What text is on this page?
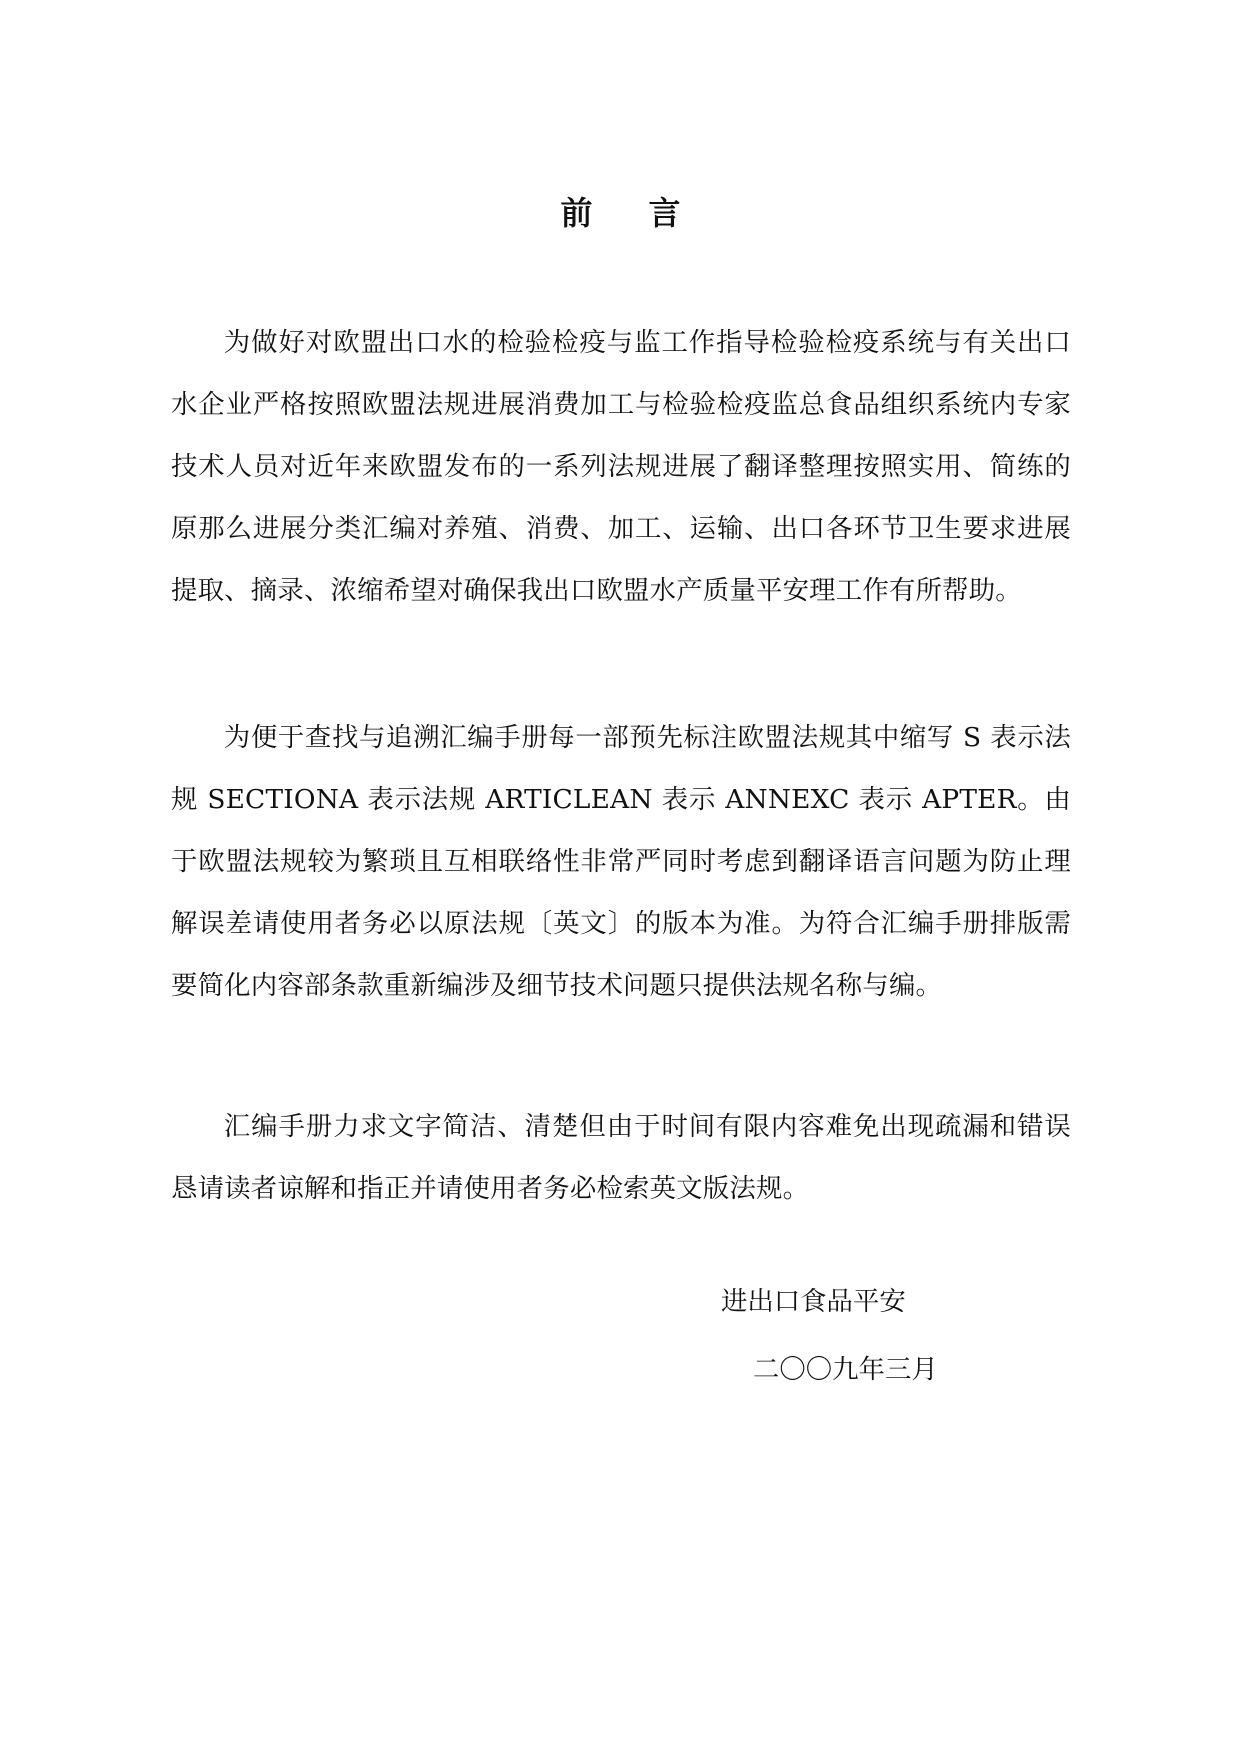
前 言

为做好对欧盟出口水的检验检疫与监工作指导检验检疫系统与有关出口水企业严格按照欧盟法规进展消费加工与检验检疫监总食品组织系统内专家技术人员对近年来欧盟发布的一系列法规进展了翻译整理按照实用、简练的原那么进展分类汇编对养殖、消费、加工、运输、出口各环节卫生要求进展提取、摘录、浓缩希望对确保我出口欧盟水产质量平安理工作有所帮助。

为便于查找与追溯汇编手册每一部预先标注欧盟法规其中缩写 S 表示法规 SECTIONA 表示法规 ARTICLEAN 表示 ANNEXC 表示 APTER。由于欧盟法规较为繁琐且互相联络性非常严同时考虑到翻译语言问题为防止理解误差请使用者务必以原法规〔英文〕的版本为准。为符合汇编手册排版需要简化内容部条款重新编涉及细节技术问题只提供法规名称与编。

汇编手册力求文字简洁、清楚但由于时间有限内容难免出现疏漏和错误恳请读者谅解和指正并请使用者务必检索英文版法规。

进出口食品平安
二〇〇九年三月
